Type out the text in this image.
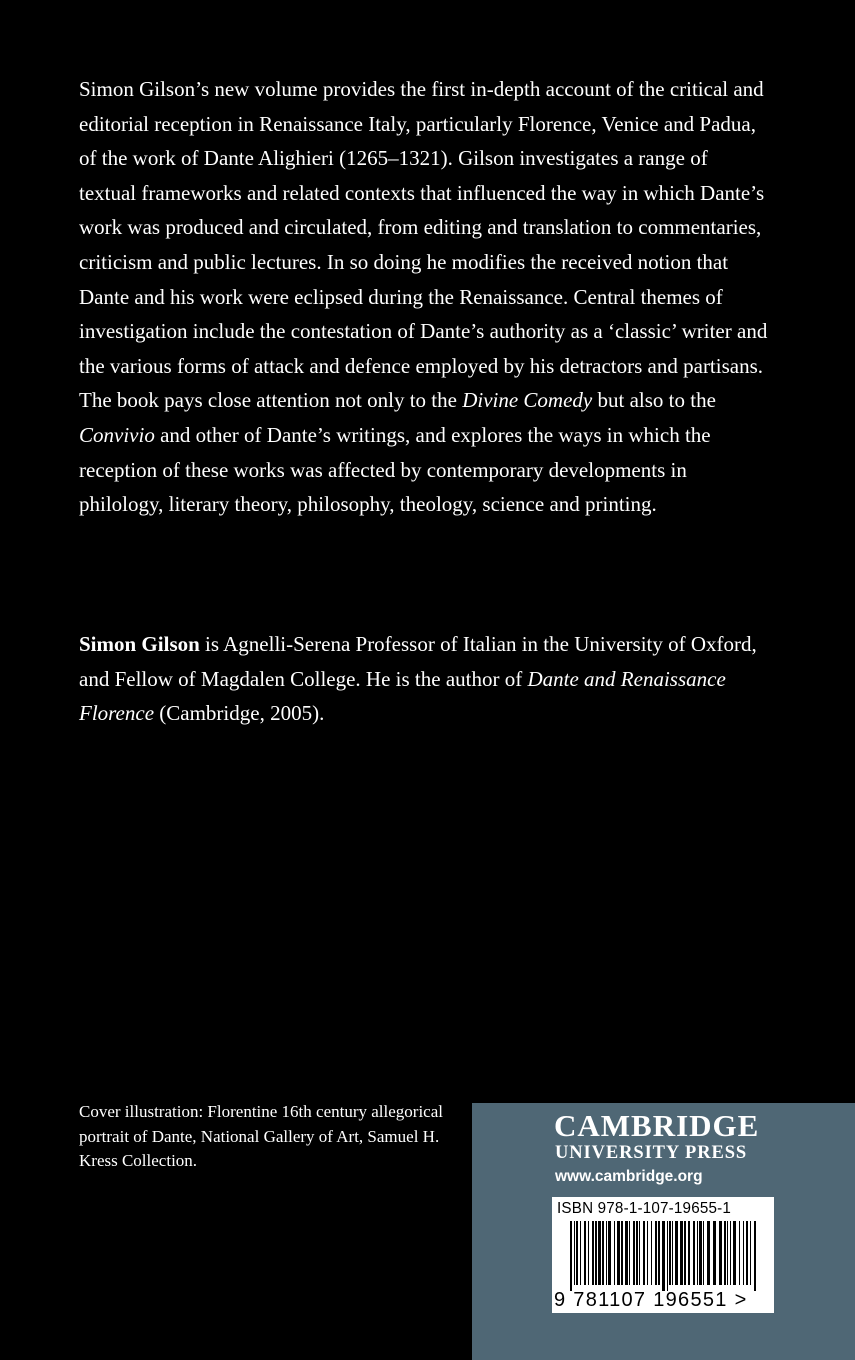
Simon Gilson’s new volume provides the first in-depth account of the critical and editorial reception in Renaissance Italy, particularly Florence, Venice and Padua, of the work of Dante Alighieri (1265–1321). Gilson investigates a range of textual frameworks and related contexts that influenced the way in which Dante’s work was produced and circulated, from editing and translation to commentaries, criticism and public lectures. In so doing he modifies the received notion that Dante and his work were eclipsed during the Renaissance. Central themes of investigation include the contestation of Dante’s authority as a ‘classic’ writer and the various forms of attack and defence employed by his detractors and partisans. The book pays close attention not only to the Divine Comedy but also to the Convivio and other of Dante’s writings, and explores the ways in which the reception of these works was affected by contemporary developments in philology, literary theory, philosophy, theology, science and printing.

Simon Gilson is Agnelli-Serena Professor of Italian in the University of Oxford, and Fellow of Magdalen College. He is the author of Dante and Renaissance Florence (Cambridge, 2005).
Cover illustration: Florentine 16th century allegorical portrait of Dante, National Gallery of Art, Samuel H. Kress Collection.
CAMBRIDGE
UNIVERSITY PRESS
www.cambridge.org
ISBN 978-1-107-19655-1
9 781107 196551 >
